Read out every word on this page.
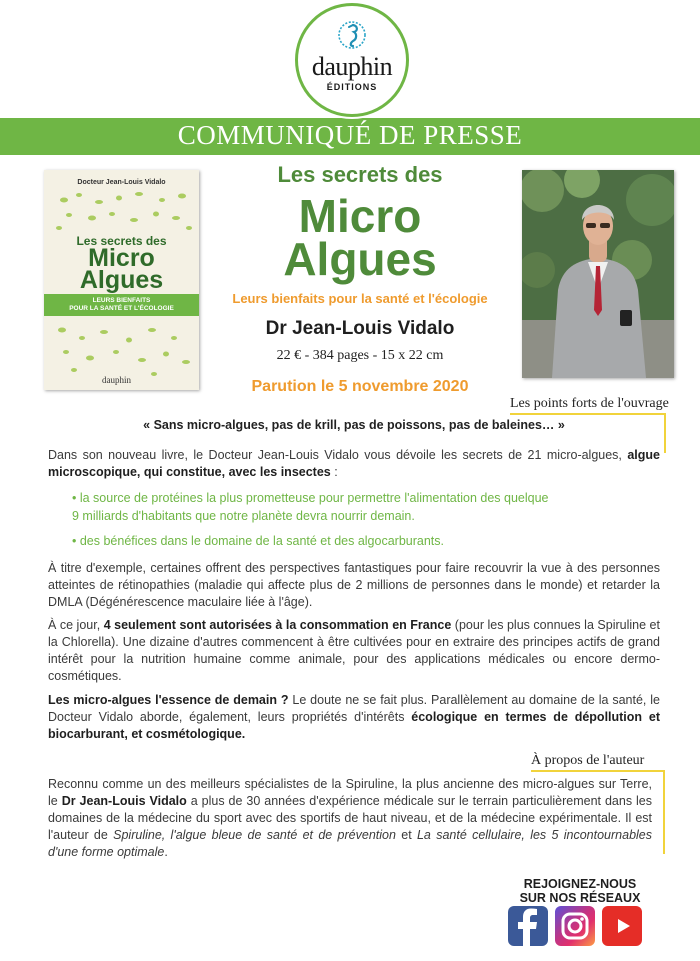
dauphin
ÉDITIONS
COMMUNIQUÉ DE PRESSE
Docteur Jean-Louis Vidalo
Les secrets des
Micro
Algues
LEURS BIENFAITS
POUR LA SANTÉ ET L'ÉCOLOGIE
dauphin
Les secrets des
Micro
Algues
Leurs bienfaits pour la santé et l'écologie
Dr Jean-Louis Vidalo
22 € - 384 pages - 15 x 22 cm
Parution le 5 novembre 2020
Les points forts de l'ouvrage
« Sans micro-algues, pas de krill, pas de poissons, pas de baleines… »
Dans son nouveau livre, le Docteur Jean-Louis Vidalo vous dévoile les secrets de 21 micro-algues, algue microscopique, qui constitue, avec les insectes :
• la source de protéines la plus prometteuse pour permettre l'alimentation des quelque
9 milliards d'habitants que notre planète devra nourrir demain.
• des bénéfices dans le domaine de la santé et des algocarburants.
À titre d'exemple, certaines offrent des perspectives fantastiques pour faire recouvrir la vue à des personnes atteintes de rétinopathies (maladie qui affecte plus de 2 millions de personnes dans le monde) et retarder la DMLA (Dégénérescence maculaire liée à l'âge).
À ce jour, 4 seulement sont autorisées à la consommation en France (pour les plus connues la Spiruline et la Chlorella). Une dizaine d'autres commencent à être cultivées pour en extraire des principes actifs de grand intérêt pour la nutrition humaine comme animale, pour des applications médicales ou encore dermo-cosmétiques.
Les micro-algues l'essence de demain ? Le doute ne se fait plus. Parallèlement au domaine de la santé, le Docteur Vidalo aborde, également, leurs propriétés d'intérêts écologique en termes de dépollution et biocarburant, et cosmétologique.
À propos de l'auteur
Reconnu comme un des meilleurs spécialistes de la Spiruline, la plus ancienne des micro-algues sur Terre, le Dr Jean-Louis Vidalo a plus de 30 années d'expérience médicale sur le terrain particulièrement dans les domaines de la médecine du sport avec des sportifs de haut niveau, et de la médecine expérimentale. Il est l'auteur de Spiruline, l'algue bleue de santé et de prévention et La santé cellulaire, les 5 incontournables d'une forme optimale.
REJOIGNEZ-NOUS
SUR NOS RÉSEAUX
